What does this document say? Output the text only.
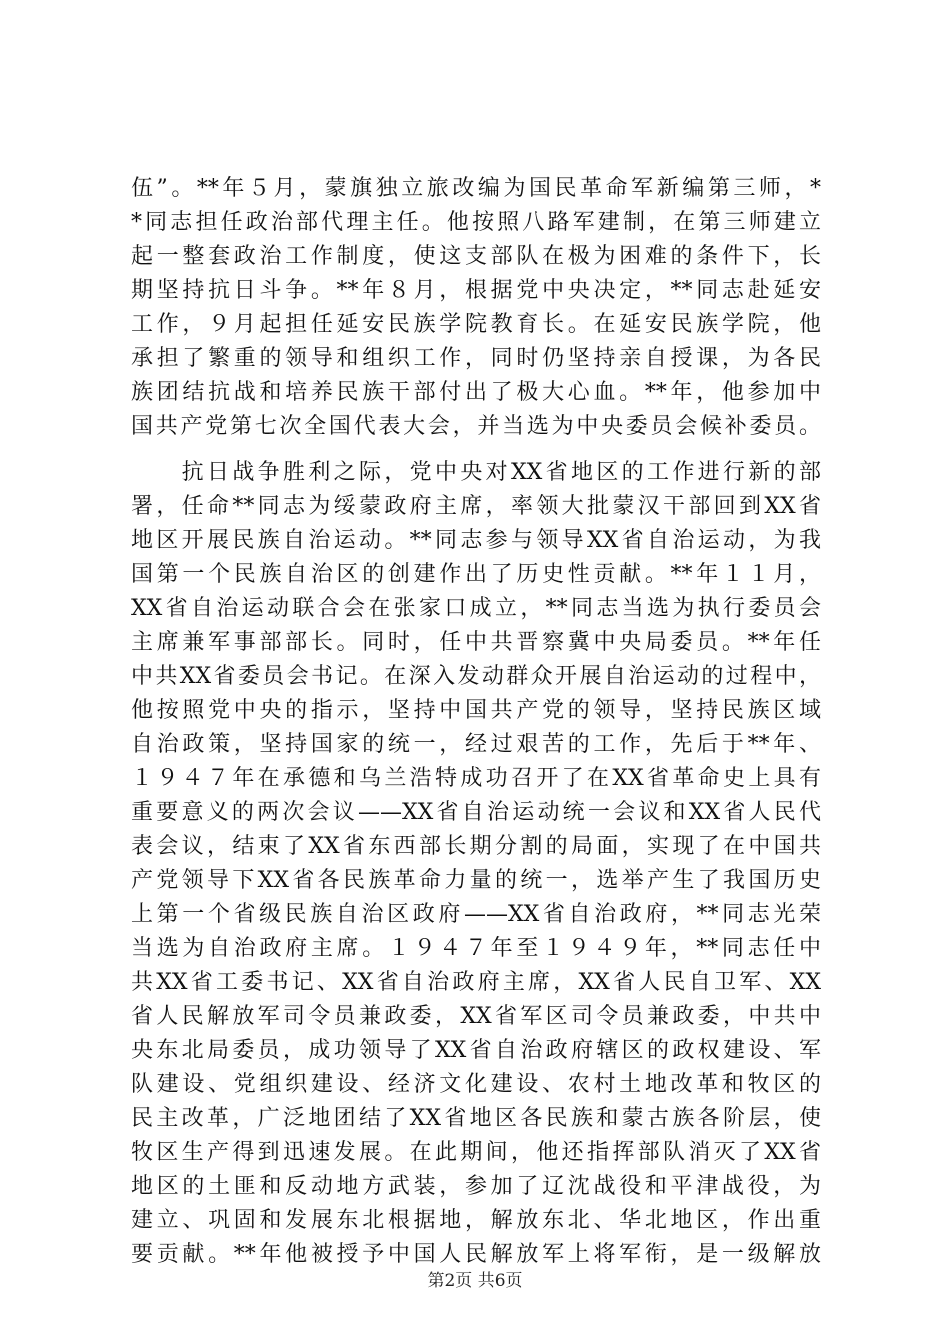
伍”。**年５月，蒙旗独立旅改编为国民革命军新编第三师，*
*同志担任政治部代理主任。他按照八路军建制，在第三师建立
起一整套政治工作制度，使这支部队在极为困难的条件下，长
期坚持抗日斗争。**年８月，根据党中央决定，**同志赴延安
工作，９月起担任延安民族学院教育长。在延安民族学院，他
承担了繁重的领导和组织工作，同时仍坚持亲自授课，为各民
族团结抗战和培养民族干部付出了极大心血。**年，他参加中
国共产党第七次全国代表大会，并当选为中央委员会候补委员。
　　抗日战争胜利之际，党中央对XX省地区的工作进行新的部
署，任命**同志为绥蒙政府主席，率领大批蒙汉干部回到XX省
地区开展民族自治运动。**同志参与领导XX省自治运动，为我
国第一个民族自治区的创建作出了历史性贡献。**年１１月，
XX省自治运动联合会在张家口成立，**同志当选为执行委员会
主席兼军事部部长。同时，任中共晋察冀中央局委员。**年任
中共XX省委员会书记。在深入发动群众开展自治运动的过程中，
他按照党中央的指示，坚持中国共产党的领导，坚持民族区域
自治政策，坚持国家的统一，经过艰苦的工作，先后于**年、
１９４７年在承德和乌兰浩特成功召开了在XX省革命史上具有
重要意义的两次会议——XX省自治运动统一会议和XX省人民代
表会议，结束了XX省东西部长期分割的局面，实现了在中国共
产党领导下XX省各民族革命力量的统一，选举产生了我国历史
上第一个省级民族自治区政府——XX省自治政府，**同志光荣
当选为自治政府主席。１９４７年至１９４９年，**同志任中
共XX省工委书记、XX省自治政府主席，XX省人民自卫军、XX
省人民解放军司令员兼政委，XX省军区司令员兼政委，中共中
央东北局委员，成功领导了XX省自治政府辖区的政权建设、军
队建设、党组织建设、经济文化建设、农村土地改革和牧区的
民主改革，广泛地团结了XX省地区各民族和蒙古族各阶层，使
牧区生产得到迅速发展。在此期间，他还指挥部队消灭了XX省
地区的土匪和反动地方武装，参加了辽沈战役和平津战役，为
建立、巩固和发展东北根据地，解放东北、华北地区，作出重
要贡献。**年他被授予中国人民解放军上将军衔，是一级解放
第2页 共6页
